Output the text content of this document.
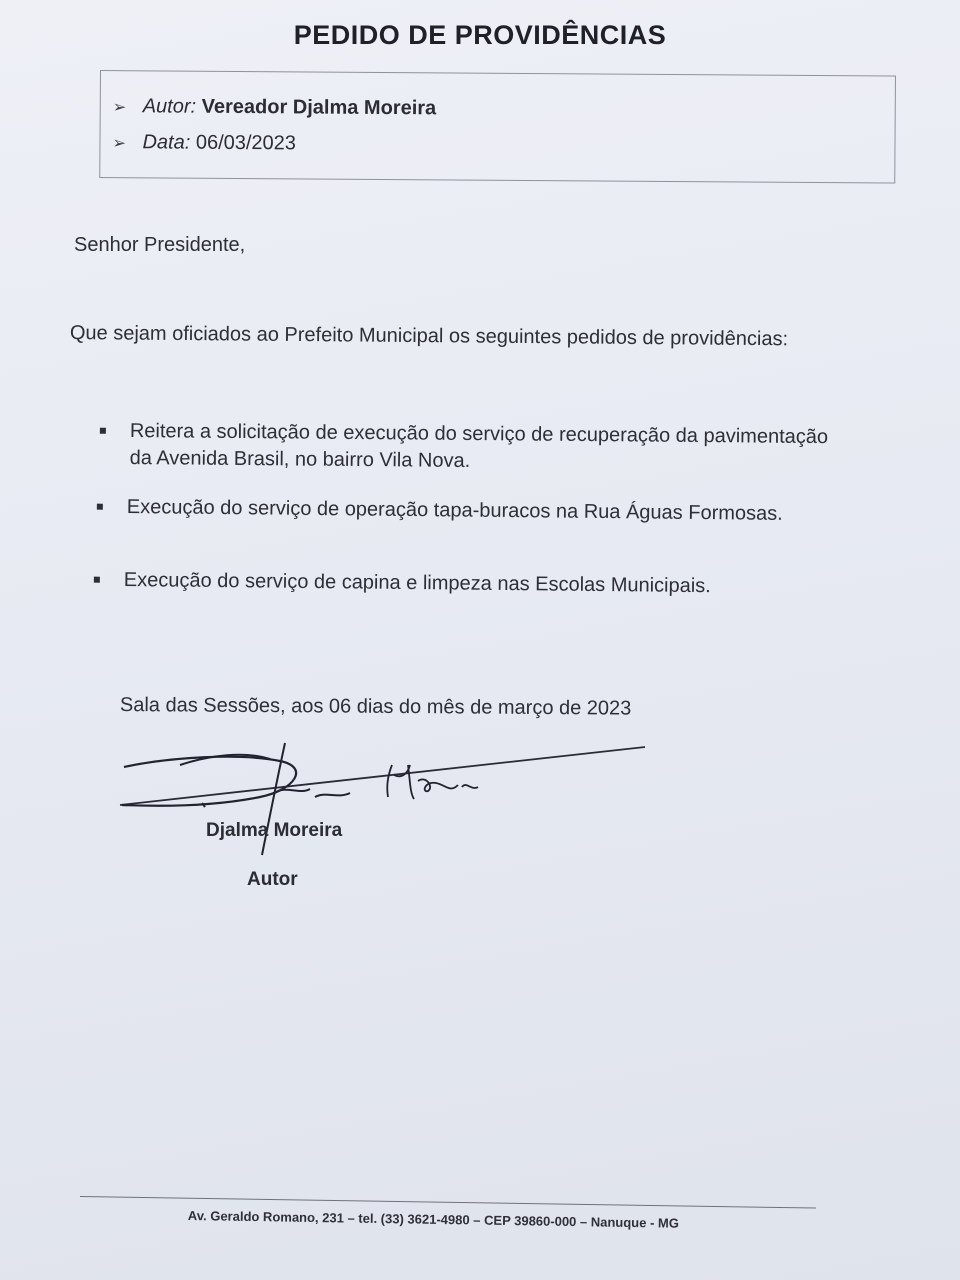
PEDIDO DE PROVIDÊNCIAS
➢ Autor: Vereador Djalma Moreira
➢ Data: 06/03/2023
Senhor Presidente,
Que sejam oficiados ao Prefeito Municipal os seguintes pedidos de providências:
Reitera a solicitação de execução do serviço de recuperação da pavimentação
da Avenida Brasil, no bairro Vila Nova.
Execução do serviço de operação tapa-buracos na Rua Águas Formosas.
Execução do serviço de capina e limpeza nas Escolas Municipais.
Sala das Sessões, aos 06 dias do mês de março de 2023
Djalma Moreira
Autor
Av. Geraldo Romano, 231 – tel. (33) 3621-4980 – CEP 39860-000 – Nanuque - MG
